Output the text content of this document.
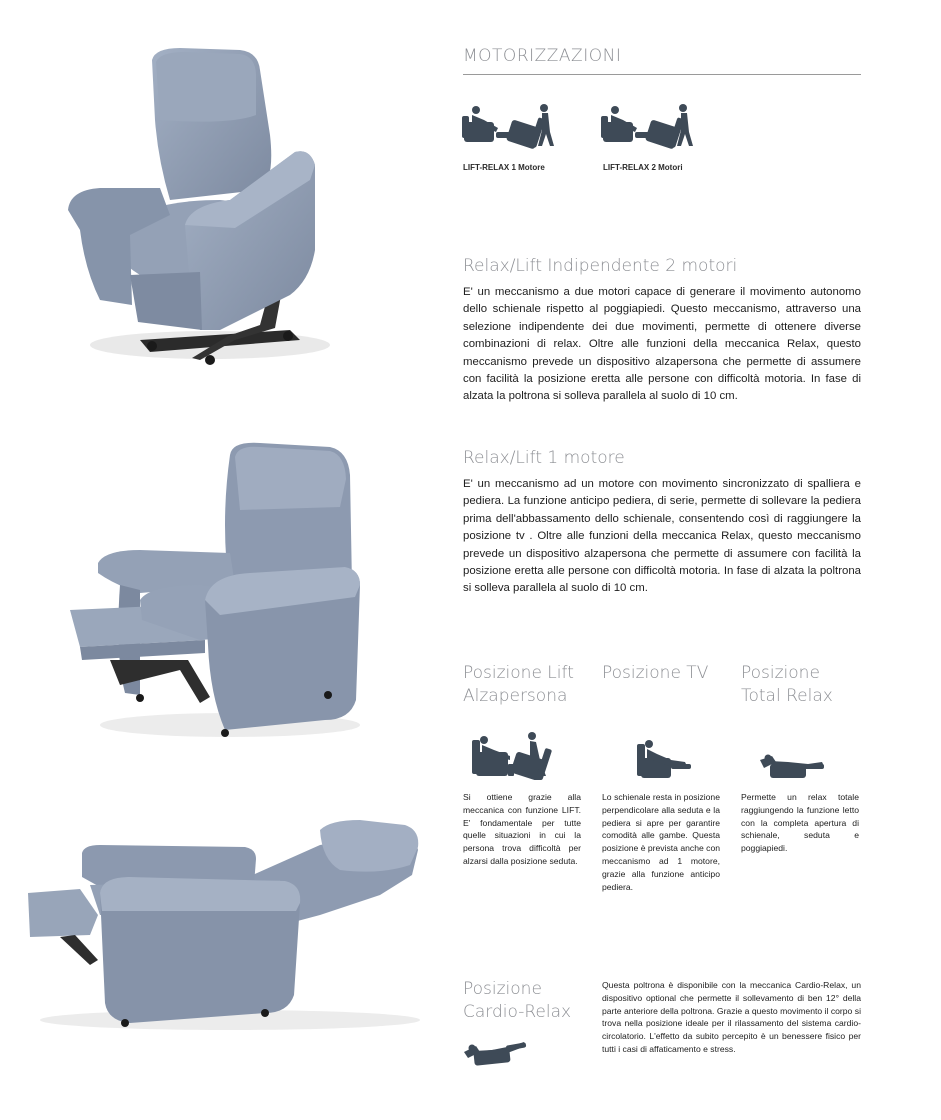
MOTORIZZAZIONI
LIFT-RELAX 1 Motore	LIFT-RELAX 2 Motori
Relax/Lift Indipendente 2 motori
E' un meccanismo a due motori capace di generare il movimento autonomo dello schienale rispetto al poggiapiedi. Questo meccanismo, attraverso una selezione indipendente dei due movimenti, permette di ottenere diverse combinazioni di relax. Oltre alle funzioni della meccanica Relax, questo meccanismo prevede un dispositivo alzapersona che permette di assumere con facilità la posizione eretta alle persone con difficoltà motoria. In fase di alzata la poltrona si solleva parallela al suolo di 10 cm.
Relax/Lift 1 motore
E' un meccanismo ad un motore con movimento sincronizzato di spalliera e pediera. La funzione anticipo pediera, di serie, permette di sollevare la pediera prima dell'abbassamento dello schienale, consentendo così di raggiungere la posizione tv . Oltre alle funzioni della meccanica Relax, questo meccanismo prevede un dispositivo alzapersona che permette di assumere con facilità la posizione eretta alle persone con difficoltà motoria. In fase di alzata la poltrona si solleva parallela al suolo di 10 cm.
Posizione Lift
Alzapersona
Posizione TV Posizione
Total Relax
Si ottiene grazie alla meccanica con funzione LIFT. E' fondamentale per tutte quelle situazioni in cui la persona trova difficoltà per alzarsi dalla posizione seduta.
Lo schienale resta in posizione perpendicolare alla seduta e la pediera si apre per garantire comodità alle gambe. Questa posizione è prevista anche con meccanismo ad 1 motore, grazie alla funzione anticipo pediera.
Permette un relax totale raggiungendo la funzione letto con la completa apertura di schienale, seduta e poggiapiedi.
Posizione
Cardio-Relax
Questa poltrona è disponibile con la meccanica Cardio-Relax, un dispositivo optional che permette il sollevamento di ben 12° della parte anteriore della poltrona. Grazie a questo movimento il corpo si trova nella posizione ideale per il rilassamento del sistema cardio-circolatorio. L'effetto da subito percepito è un benessere fisico per tutti i casi di affaticamento e stress.
